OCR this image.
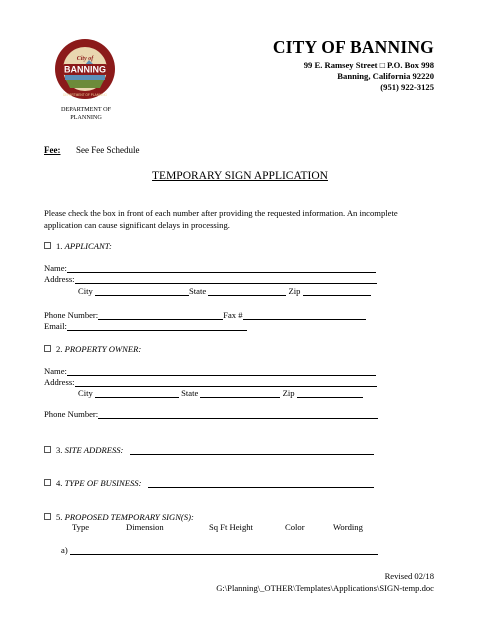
BANNING
City of
DEPARTMENT OF PLANNING
DEPARTMENT OF
PLANNING
CITY OF BANNING
99 E. Ramsey Street □ P.O. Box 998
Banning, California 92220
(951) 922-3125
Fee: See Fee Schedule
TEMPORARY SIGN APPLICATION
Please check the box in front of each number after providing the requested information. An incomplete application can cause significant delays in processing.
1. APPLICANT:
Name:
Address:
City	State	Zip
Phone Number:	Fax #
Email:
2. PROPERTY OWNER:
Name:
Address:
City	State	Zip
Phone Number:
3. SITE ADDRESS:
4. TYPE OF BUSINESS:
5. PROPOSED TEMPORARY SIGN(S):
Type	Dimension	Sq Ft Height	Color	Wording
a)
Revised 02/18
G:\Planning\_OTHER\Templates\Applications\SIGN-temp.doc
